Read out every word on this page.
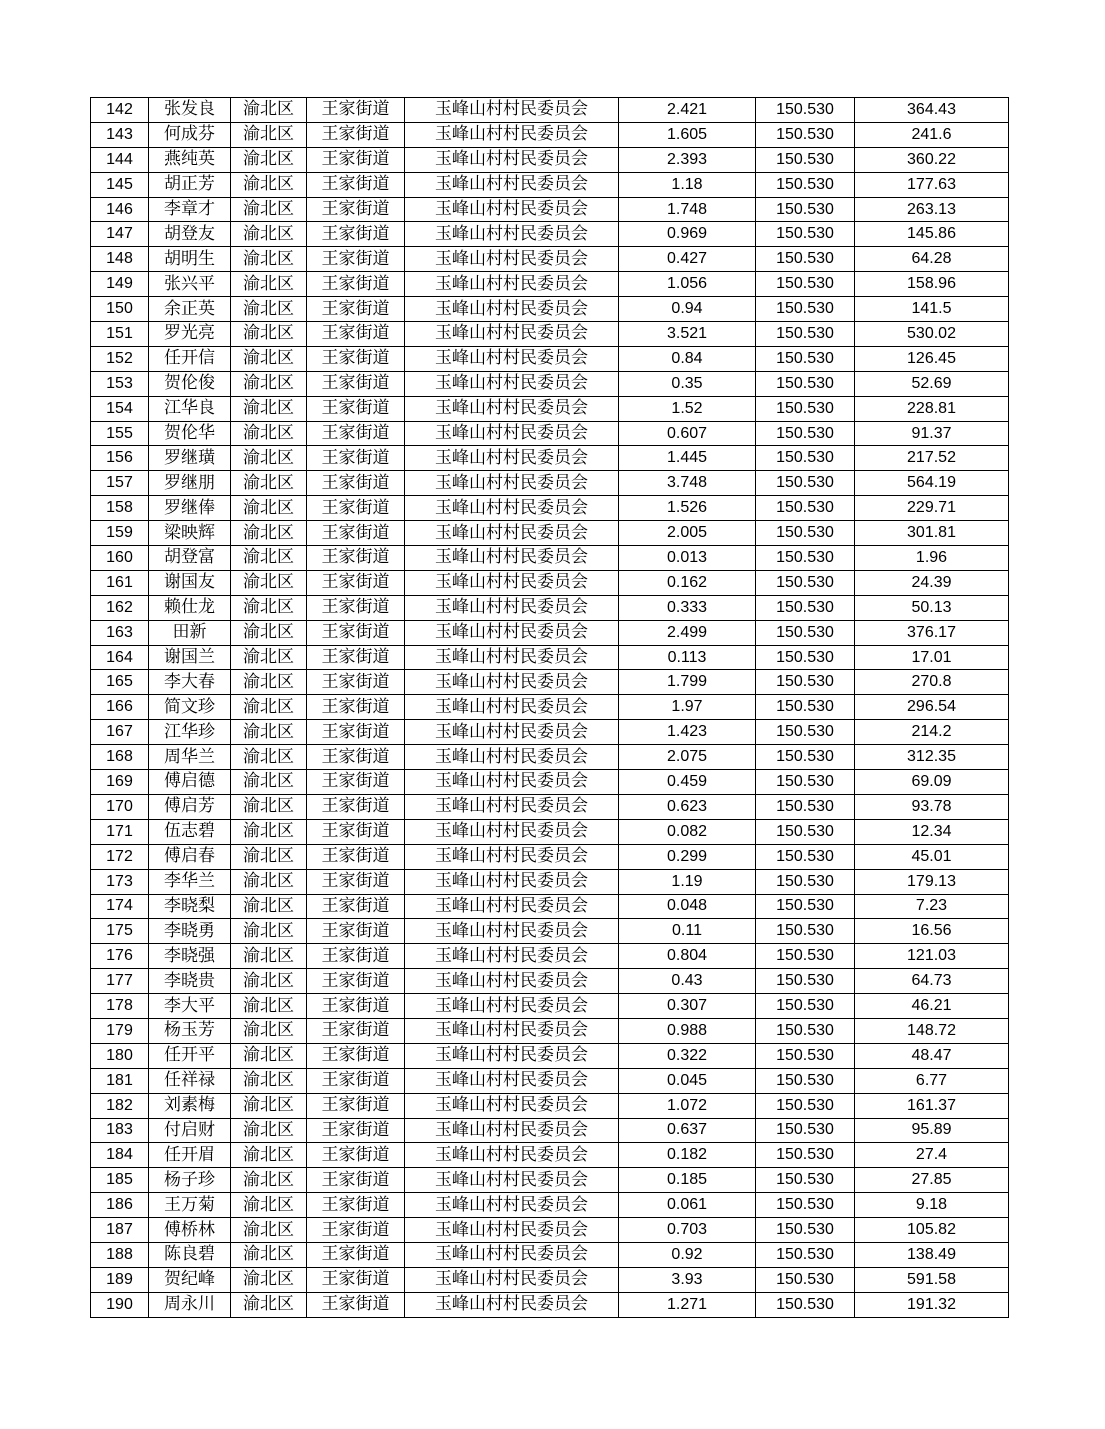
142	张发良	渝北区	王家街道	玉峰山村村民委员会	2.421	150.530	364.43
143	何成芬	渝北区	王家街道	玉峰山村村民委员会	1.605	150.530	241.6
144	燕纯英	渝北区	王家街道	玉峰山村村民委员会	2.393	150.530	360.22
145	胡正芳	渝北区	王家街道	玉峰山村村民委员会	1.18	150.530	177.63
146	李章才	渝北区	王家街道	玉峰山村村民委员会	1.748	150.530	263.13
147	胡登友	渝北区	王家街道	玉峰山村村民委员会	0.969	150.530	145.86
148	胡明生	渝北区	王家街道	玉峰山村村民委员会	0.427	150.530	64.28
149	张兴平	渝北区	王家街道	玉峰山村村民委员会	1.056	150.530	158.96
150	余正英	渝北区	王家街道	玉峰山村村民委员会	0.94	150.530	141.5
151	罗光亮	渝北区	王家街道	玉峰山村村民委员会	3.521	150.530	530.02
152	任开信	渝北区	王家街道	玉峰山村村民委员会	0.84	150.530	126.45
153	贺伦俊	渝北区	王家街道	玉峰山村村民委员会	0.35	150.530	52.69
154	江华良	渝北区	王家街道	玉峰山村村民委员会	1.52	150.530	228.81
155	贺伦华	渝北区	王家街道	玉峰山村村民委员会	0.607	150.530	91.37
156	罗继璜	渝北区	王家街道	玉峰山村村民委员会	1.445	150.530	217.52
157	罗继朋	渝北区	王家街道	玉峰山村村民委员会	3.748	150.530	564.19
158	罗继俸	渝北区	王家街道	玉峰山村村民委员会	1.526	150.530	229.71
159	梁映辉	渝北区	王家街道	玉峰山村村民委员会	2.005	150.530	301.81
160	胡登富	渝北区	王家街道	玉峰山村村民委员会	0.013	150.530	1.96
161	谢国友	渝北区	王家街道	玉峰山村村民委员会	0.162	150.530	24.39
162	赖仕龙	渝北区	王家街道	玉峰山村村民委员会	0.333	150.530	50.13
163	田新	渝北区	王家街道	玉峰山村村民委员会	2.499	150.530	376.17
164	谢国兰	渝北区	王家街道	玉峰山村村民委员会	0.113	150.530	17.01
165	李大春	渝北区	王家街道	玉峰山村村民委员会	1.799	150.530	270.8
166	简文珍	渝北区	王家街道	玉峰山村村民委员会	1.97	150.530	296.54
167	江华珍	渝北区	王家街道	玉峰山村村民委员会	1.423	150.530	214.2
168	周华兰	渝北区	王家街道	玉峰山村村民委员会	2.075	150.530	312.35
169	傅启德	渝北区	王家街道	玉峰山村村民委员会	0.459	150.530	69.09
170	傅启芳	渝北区	王家街道	玉峰山村村民委员会	0.623	150.530	93.78
171	伍志碧	渝北区	王家街道	玉峰山村村民委员会	0.082	150.530	12.34
172	傅启春	渝北区	王家街道	玉峰山村村民委员会	0.299	150.530	45.01
173	李华兰	渝北区	王家街道	玉峰山村村民委员会	1.19	150.530	179.13
174	李晓梨	渝北区	王家街道	玉峰山村村民委员会	0.048	150.530	7.23
175	李晓勇	渝北区	王家街道	玉峰山村村民委员会	0.11	150.530	16.56
176	李晓强	渝北区	王家街道	玉峰山村村民委员会	0.804	150.530	121.03
177	李晓贵	渝北区	王家街道	玉峰山村村民委员会	0.43	150.530	64.73
178	李大平	渝北区	王家街道	玉峰山村村民委员会	0.307	150.530	46.21
179	杨玉芳	渝北区	王家街道	玉峰山村村民委员会	0.988	150.530	148.72
180	任开平	渝北区	王家街道	玉峰山村村民委员会	0.322	150.530	48.47
181	任祥禄	渝北区	王家街道	玉峰山村村民委员会	0.045	150.530	6.77
182	刘素梅	渝北区	王家街道	玉峰山村村民委员会	1.072	150.530	161.37
183	付启财	渝北区	王家街道	玉峰山村村民委员会	0.637	150.530	95.89
184	任开眉	渝北区	王家街道	玉峰山村村民委员会	0.182	150.530	27.4
185	杨子珍	渝北区	王家街道	玉峰山村村民委员会	0.185	150.530	27.85
186	王万菊	渝北区	王家街道	玉峰山村村民委员会	0.061	150.530	9.18
187	傅桥林	渝北区	王家街道	玉峰山村村民委员会	0.703	150.530	105.82
188	陈良碧	渝北区	王家街道	玉峰山村村民委员会	0.92	150.530	138.49
189	贺纪峰	渝北区	王家街道	玉峰山村村民委员会	3.93	150.530	591.58
190	周永川	渝北区	王家街道	玉峰山村村民委员会	1.271	150.530	191.32
